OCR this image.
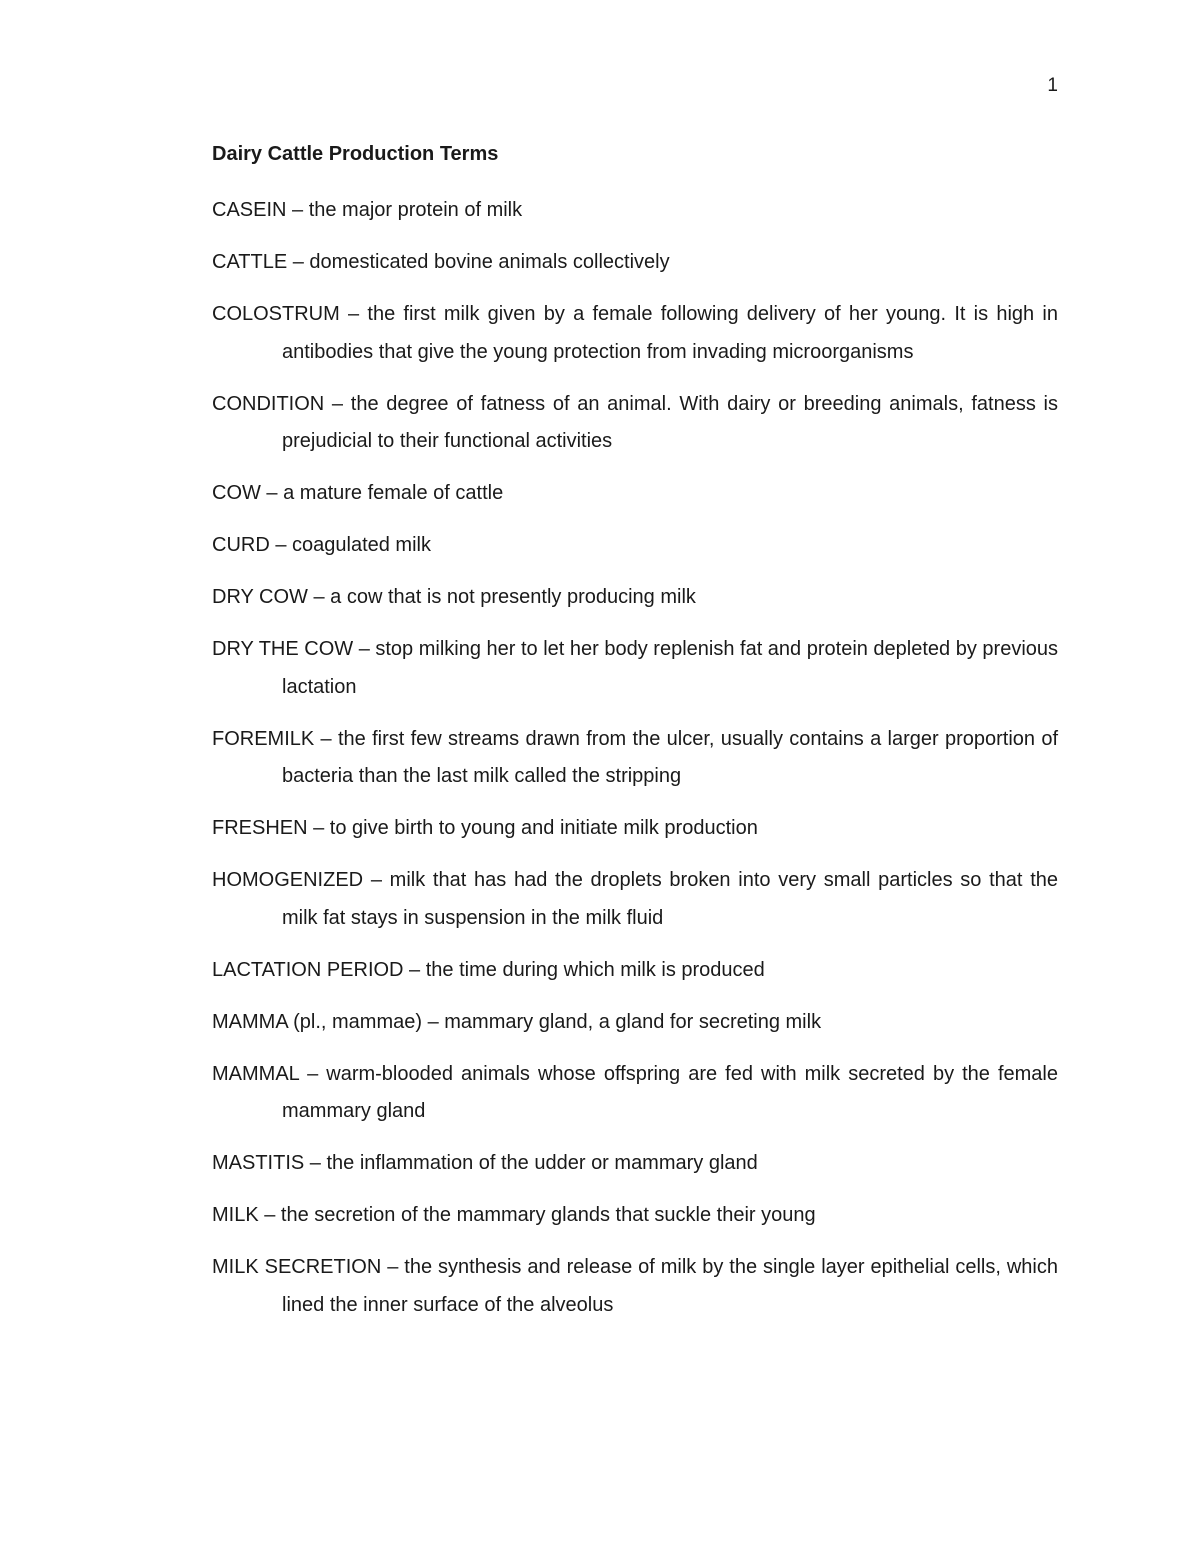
1
Dairy Cattle Production Terms

CASEIN – the major protein of milk

CATTLE – domesticated bovine animals collectively

COLOSTRUM – the first milk given by a female following delivery of her young. It is high in antibodies that give the young protection from invading microorganisms

CONDITION – the degree of fatness of an animal. With dairy or breeding animals, fatness is prejudicial to their functional activities

COW – a mature female of cattle

CURD – coagulated milk

DRY COW – a cow that is not presently producing milk

DRY THE COW – stop milking her to let her body replenish fat and protein depleted by previous lactation

FOREMILK – the first few streams drawn from the ulcer, usually contains a larger proportion of bacteria than the last milk called the stripping

FRESHEN – to give birth to young and initiate milk production

HOMOGENIZED – milk that has had the droplets broken into very small particles so that the milk fat stays in suspension in the milk fluid

LACTATION PERIOD – the time during which milk is produced

MAMMA (pl., mammae) – mammary gland, a gland for secreting milk

MAMMAL – warm-blooded animals whose offspring are fed with milk secreted by the female mammary gland

MASTITIS – the inflammation of the udder or mammary gland

MILK – the secretion of the mammary glands that suckle their young

MILK SECRETION – the synthesis and release of milk by the single layer epithelial cells, which lined the inner surface of the alveolus
